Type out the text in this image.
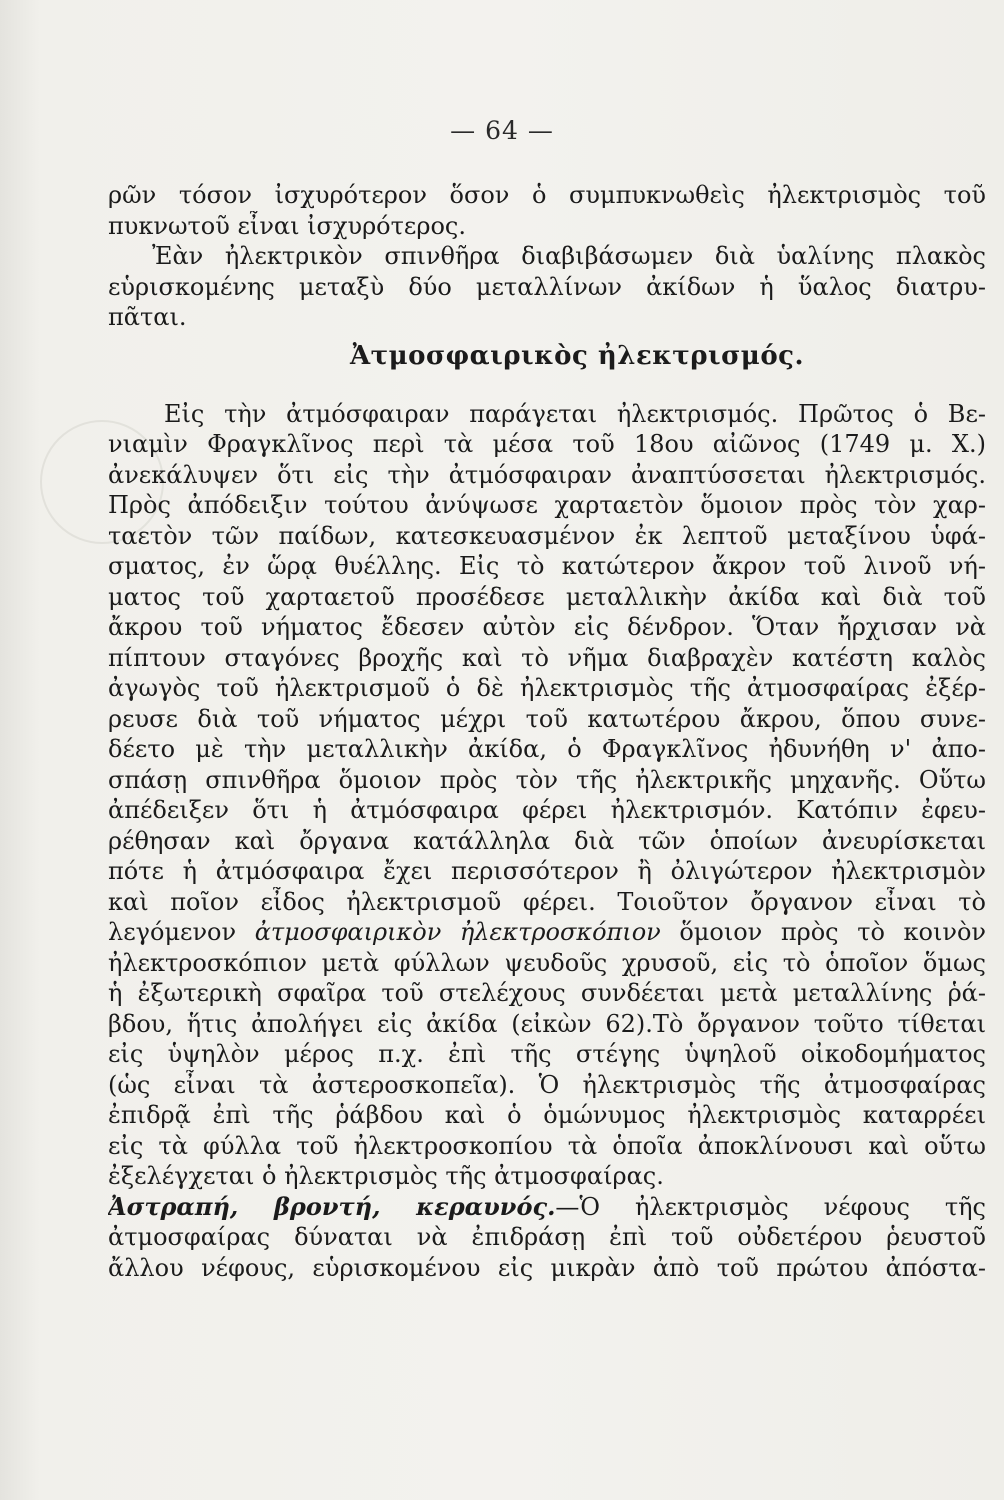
— 64 —
ρῶν τόσον ἰσχυρότερον ὅσον ὁ συμπυκνωθεὶς ἠλεκτρισμὸς τοῦ
πυκνωτοῦ εἶναι ἰσχυρότερος.
Ἐὰν ἠλεκτρικὸν σπινθῆρα διαβιβάσωμεν διὰ ὑαλίνης πλακὸς
εὑρισκομένης μεταξὺ δύο μεταλλίνων ἀκίδων ἡ ὕαλος διατρυ-
πᾶται.
Ἀτμοσφαιρικὸς ἠλεκτρισμός.
Εἰς τὴν ἀτμόσφαιραν παράγεται ἠλεκτρισμός. Πρῶτος ὁ Βε-
νιαμὶν Φραγκλῖνος περὶ τὰ μέσα τοῦ 18ου αἰῶνος (1749 μ. Χ.)
ἀνεκάλυψεν ὅτι εἰς τὴν ἀτμόσφαιραν ἀναπτύσσεται ἠλεκτρισμός.
Πρὸς ἀπόδειξιν τούτου ἀνύψωσε χαρταετὸν ὅμοιον πρὸς τὸν χαρ-
ταετὸν τῶν παίδων, κατεσκευασμένον ἐκ λεπτοῦ μεταξίνου ὑφά-
σματος, ἐν ὥρᾳ θυέλλης. Εἰς τὸ κατώτερον ἄκρον τοῦ λινοῦ νή-
ματος τοῦ χαρταετοῦ προσέδεσε μεταλλικὴν ἀκίδα καὶ διὰ τοῦ
ἄκρου τοῦ νήματος ἔδεσεν αὐτὸν εἰς δένδρον. Ὅταν ἤρχισαν νὰ
πίπτουν σταγόνες βροχῆς καὶ τὸ νῆμα διαβραχὲν κατέστη καλὸς
ἀγωγὸς τοῦ ἠλεκτρισμοῦ ὁ δὲ ἠλεκτρισμὸς τῆς ἀτμοσφαίρας ἐξέρ-
ρευσε διὰ τοῦ νήματος μέχρι τοῦ κατωτέρου ἄκρου, ὅπου συνε-
δέετο μὲ τὴν μεταλλικὴν ἀκίδα, ὁ Φραγκλῖνος ἠδυνήθη ν' ἀπο-
σπάσῃ σπινθῆρα ὅμοιον πρὸς τὸν τῆς ἠλεκτρικῆς μηχανῆς. Οὕτω
ἀπέδειξεν ὅτι ἡ ἀτμόσφαιρα φέρει ἠλεκτρισμόν. Κατόπιν ἐφευ-
ρέθησαν καὶ ὄργανα κατάλληλα διὰ τῶν ὁποίων ἀνευρίσκεται
πότε ἡ ἀτμόσφαιρα ἔχει περισσότερον ἢ ὀλιγώτερον ἠλεκτρισμὸν
καὶ ποῖον εἶδος ἠλεκτρισμοῦ φέρει. Τοιοῦτον ὄργανον εἶναι τὸ
λεγόμενον ἀτμοσφαιρικὸν ἠλεκτροσκόπιον ὅμοιον πρὸς τὸ κοινὸν
ἠλεκτροσκόπιον μετὰ φύλλων ψευδοῦς χρυσοῦ, εἰς τὸ ὁποῖον ὅμως
ἡ ἐξωτερικὴ σφαῖρα τοῦ στελέχους συνδέεται μετὰ μεταλλίνης ῥά-
βδου, ἥτις ἀπολήγει εἰς ἀκίδα (εἰκὼν 62).Τὸ ὄργανον τοῦτο τίθεται
εἰς ὑψηλὸν μέρος π.χ. ἐπὶ τῆς στέγης ὑψηλοῦ οἰκοδομήματος
(ὡς εἶναι τὰ ἀστεροσκοπεῖα). Ὁ ἠλεκτρισμὸς τῆς ἀτμοσφαίρας
ἐπιδρᾷ ἐπὶ τῆς ῥάβδου καὶ ὁ ὁμώνυμος ἠλεκτρισμὸς καταρρέει
εἰς τὰ φύλλα τοῦ ἠλεκτροσκοπίου τὰ ὁποῖα ἀποκλίνουσι καὶ οὕτω
ἐξελέγχεται ὁ ἠλεκτρισμὸς τῆς ἀτμοσφαίρας.
Ἀστραπή, βροντή, κεραυνός.—Ὁ ἠλεκτρισμὸς νέφους τῆς
ἀτμοσφαίρας δύναται νὰ ἐπιδράσῃ ἐπὶ τοῦ οὐδετέρου ῥευστοῦ
ἄλλου νέφους, εὑρισκομένου εἰς μικρὰν ἀπὸ τοῦ πρώτου ἀπόστα-
